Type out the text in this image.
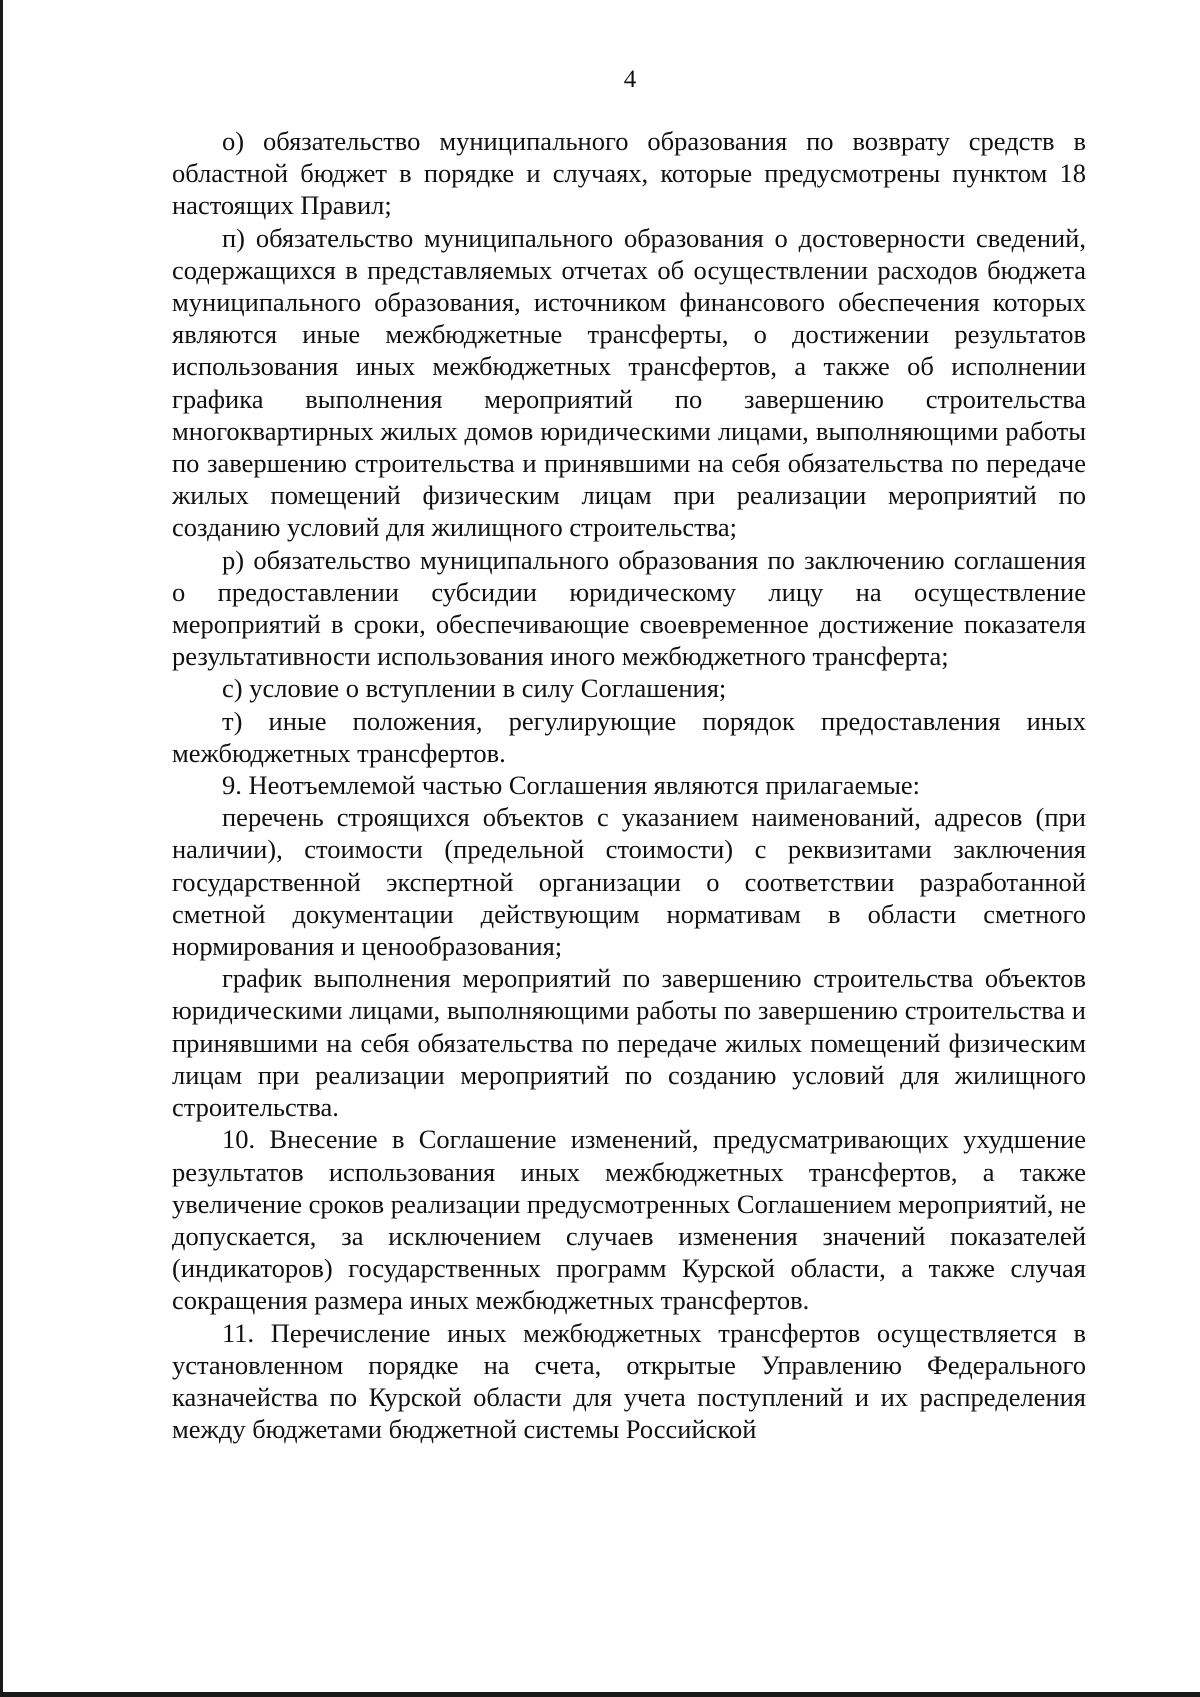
4

о) обязательство муниципального образования по возврату средств в областной бюджет в порядке и случаях, которые предусмотрены пунктом 18 настоящих Правил;

п) обязательство муниципального образования о достоверности сведений, содержащихся в представляемых отчетах об осуществлении расходов бюджета муниципального образования, источником финансового обеспечения которых являются иные межбюджетные трансферты, о достижении результатов использования иных межбюджетных трансфертов, а также об исполнении графика выполнения мероприятий по завершению строительства многоквартирных жилых домов юридическими лицами, выполняющими работы по завершению строительства и принявшими на себя обязательства по передаче жилых помещений физическим лицам при реализации мероприятий по созданию условий для жилищного строительства;

р) обязательство муниципального образования по заключению соглашения о предоставлении субсидии юридическому лицу на осуществление мероприятий в сроки, обеспечивающие своевременное достижение показателя результативности использования иного межбюджетного трансферта;

с) условие о вступлении в силу Соглашения;

т) иные положения, регулирующие порядок предоставления иных межбюджетных трансфертов.

9. Неотъемлемой частью Соглашения являются прилагаемые:

перечень строящихся объектов с указанием наименований, адресов (при наличии), стоимости (предельной стоимости) с реквизитами заключения государственной экспертной организации о соответствии разработанной сметной документации действующим нормативам в области сметного нормирования и ценообразования;

график выполнения мероприятий по завершению строительства объектов юридическими лицами, выполняющими работы по завершению строительства и принявшими на себя обязательства по передаче жилых помещений физическим лицам при реализации мероприятий по созданию условий для жилищного строительства.

10. Внесение в Соглашение изменений, предусматривающих ухудшение результатов использования иных межбюджетных трансфертов, а также увеличение сроков реализации предусмотренных Соглашением мероприятий, не допускается, за исключением случаев изменения значений показателей (индикаторов) государственных программ Курской области, а также случая сокращения размера иных межбюджетных трансфертов.

11. Перечисление иных межбюджетных трансфертов осуществляется в установленном порядке на счета, открытые Управлению Федерального казначейства по Курской области для учета поступлений и их распределения между бюджетами бюджетной системы Российской
